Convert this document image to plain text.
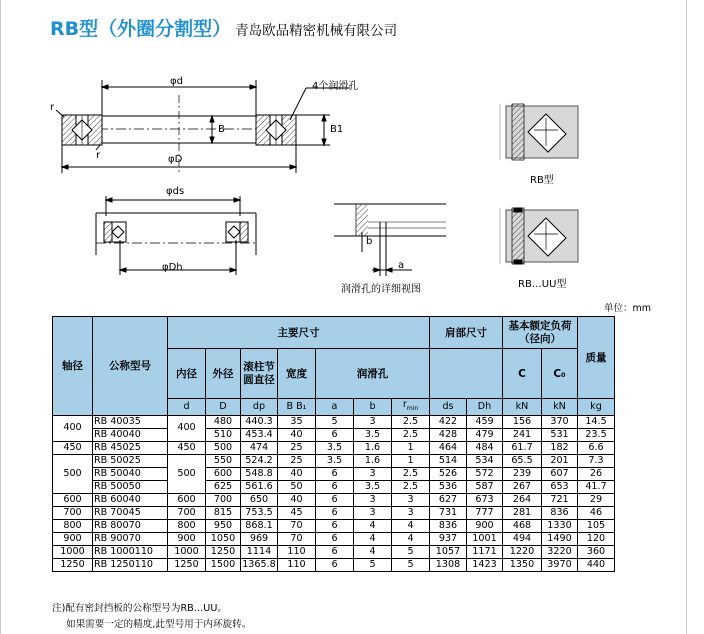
RB型（外圈分割型） 青岛欧品精密机械有限公司
φd
φD
B	B1
r
r
4个润滑孔
φds
φDh
b
a
润滑孔的详细视图
RB型
RB…UU型
单位：mm
轴径	公称型号	主要尺寸							肩部尺寸		基本额定负荷（径向）		质量
		内径	外径	滚柱节圆直径	宽度	润滑孔					C	C₀	
		d	D	dp	B B₁	a	b	$r_{min}$	ds	Dh	kN	kN	kg
400	RB 40035	400	480	440.3	35	5	3	2.5	422	459	156	370	14.5
	RB 40040		510	453.4	40	6	3.5	2.5	428	479	241	531	23.5
450	RB 45025	450	500	474	25	3.5	1.6	1	464	484	61.7	182	6.6
500	RB 50025	500	550	524.2	25	3.5	1.6	1	514	534	65.5	201	7.3
	RB 50040		600	548.8	40	6	3	2.5	526	572	239	607	26
	RB 50050		625	561.6	50	6	3.5	2.5	536	587	267	653	41.7
600	RB 60040	600	700	650	40	6	3	3	627	673	264	721	29
700	RB 70045	700	815	753.5	45	6	3	3	731	777	281	836	46
800	RB 80070	800	950	868.1	70	6	4	4	836	900	468	1330	105
900	RB 90070	900	1050	969	70	6	4	4	937	1001	494	1490	120
1000	RB 1000110	1000	1250	1114	110	6	4	5	1057	1171	1220	3220	360
1250	RB 1250110	1250	1500	1365.8	110	6	5	5	1308	1423	1350	3970	440
注)配有密封挡板的公称型号为RB…UU。
如果需要一定的精度,此型号用于内环旋转。
